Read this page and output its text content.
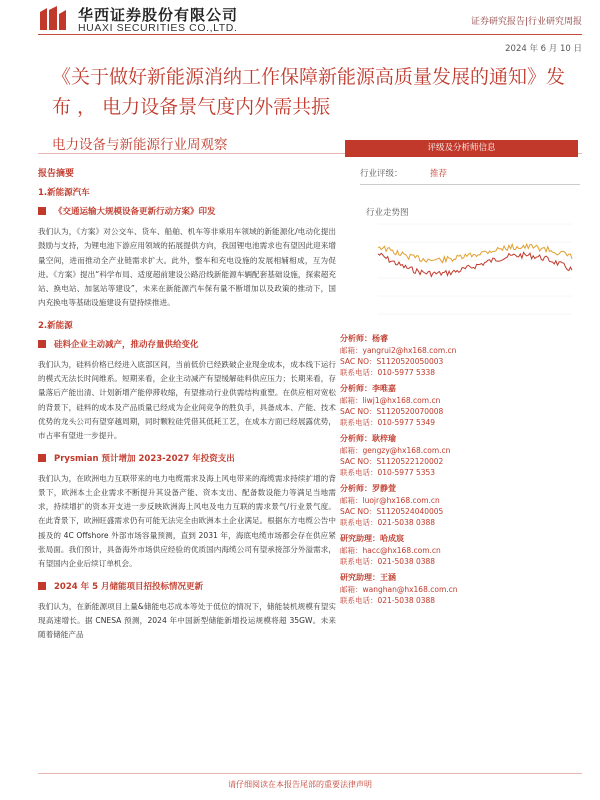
华西证券股份有限公司
HUAXI SECURITIES CO.,LTD.	证券研究报告|行业研究周报
2024 年 6 月 10 日
《关于做好新能源消纳工作保障新能源高质量发展的通知》发布 ， 电力设备景气度内外需共振
电力设备与新能源行业周观察	评级及分析师信息
行业评级：	推荐
行业走势图
分析师：杨睿
邮箱：yangrui2@hx168.com.cn
SAC NO：S1120520050003
联系电话：010-5977 5338
分析师：李唯嘉
邮箱：liwj1@hx168.com.cn
SAC NO：S1120520070008
联系电话：010-5977 5349
分析师：耿梓瑜
邮箱：gengzy@hx168.com.cn
SAC NO：S1120522120002
联系电话：010-5977 5353
分析师：罗静萱
邮箱：luojr@hx168.com.cn
SAC NO：S1120524040005
联系电话：021-5038 0388
研究助理：哈成宸
邮箱：hacc@hx168.com.cn
联系电话：021-5038 0388
研究助理：王涵
邮箱：wanghan@hx168.com.cn
联系电话：021-5038 0388
报告摘要
1.新能源汽车
《交通运输大规模设备更新行动方案》印发
我们认为，《方案》对公交车、货车、船舶、机车等非乘用车领域的新能源化/电动化提出鼓励与支持，为锂电池下游应用领域的拓展提供方向，我国锂电池需求也有望因此迎来增量空间，进而推动全产业链需求扩大。此外，整车和充电设施的发展相辅相成，互为促进。《方案》提出“科学布局、适度超前建设公路沿线新能源车辆配套基础设施，探索超充站、换电站、加氢站等建设”，未来在新能源汽车保有量不断增加以及政策的推动下，国内充换电等基础设施建设有望持续推进。
2.新能源
硅料企业主动减产，推动存量供给变化
我们认为，硅料价格已经进入底部区间，当前低价已经跌破企业现金成本，成本线下运行的模式无法长时间维系。短期来看，企业主动减产有望缓解硅料供应压力；长期来看，存量落后产能出清、计划新增产能停滞收缩，有望推动行业供需结构重塑。在供应相对宽松的背景下，硅料的成本及产品质量已经成为企业间竞争的胜负手，具备成本、产能、技术优势的龙头公司有望穿越周期，同时颗粒硅凭借其低耗工艺，在成本方面已经展露优势，市占率有望进一步提升。
Prysmian 预计增加 2023-2027 年投资支出
我们认为，在欧洲电力互联带来的电力电缆需求及海上风电带来的海缆需求持续扩增的背景下，欧洲本土企业需求不断提升其设备产能、资本支出、配备数设能力等满足当地需求，持续增扩的资本开支进一步反映欧洲海上风电及电力互联的需求景气/行业景气度。在此背景下，欧洲旺盛需求仍有可能无法完全由欧洲本土企业满足。根据东方电缆公告中援及的 4C Offshore 外部市场容量预测，直到 2031 年，海底电缆市场都会存在供应紧张局面。我们预计，具备海外市场供应经验的优质国内海缆公司有望承接部分外溢需求，有望国内企业后续订单机会。
2024 年 5 月储能项目招投标情况更新
我们认为，在新能源项目上量&储能电芯成本等处于低位的情况下，储能装机规模有望实现高速增长。据 CNESA 预测，2024 年中国新型储能新增投运规模将超 35GW。未来随着储能产品
请仔细阅读在本报告尾部的重要法律声明
